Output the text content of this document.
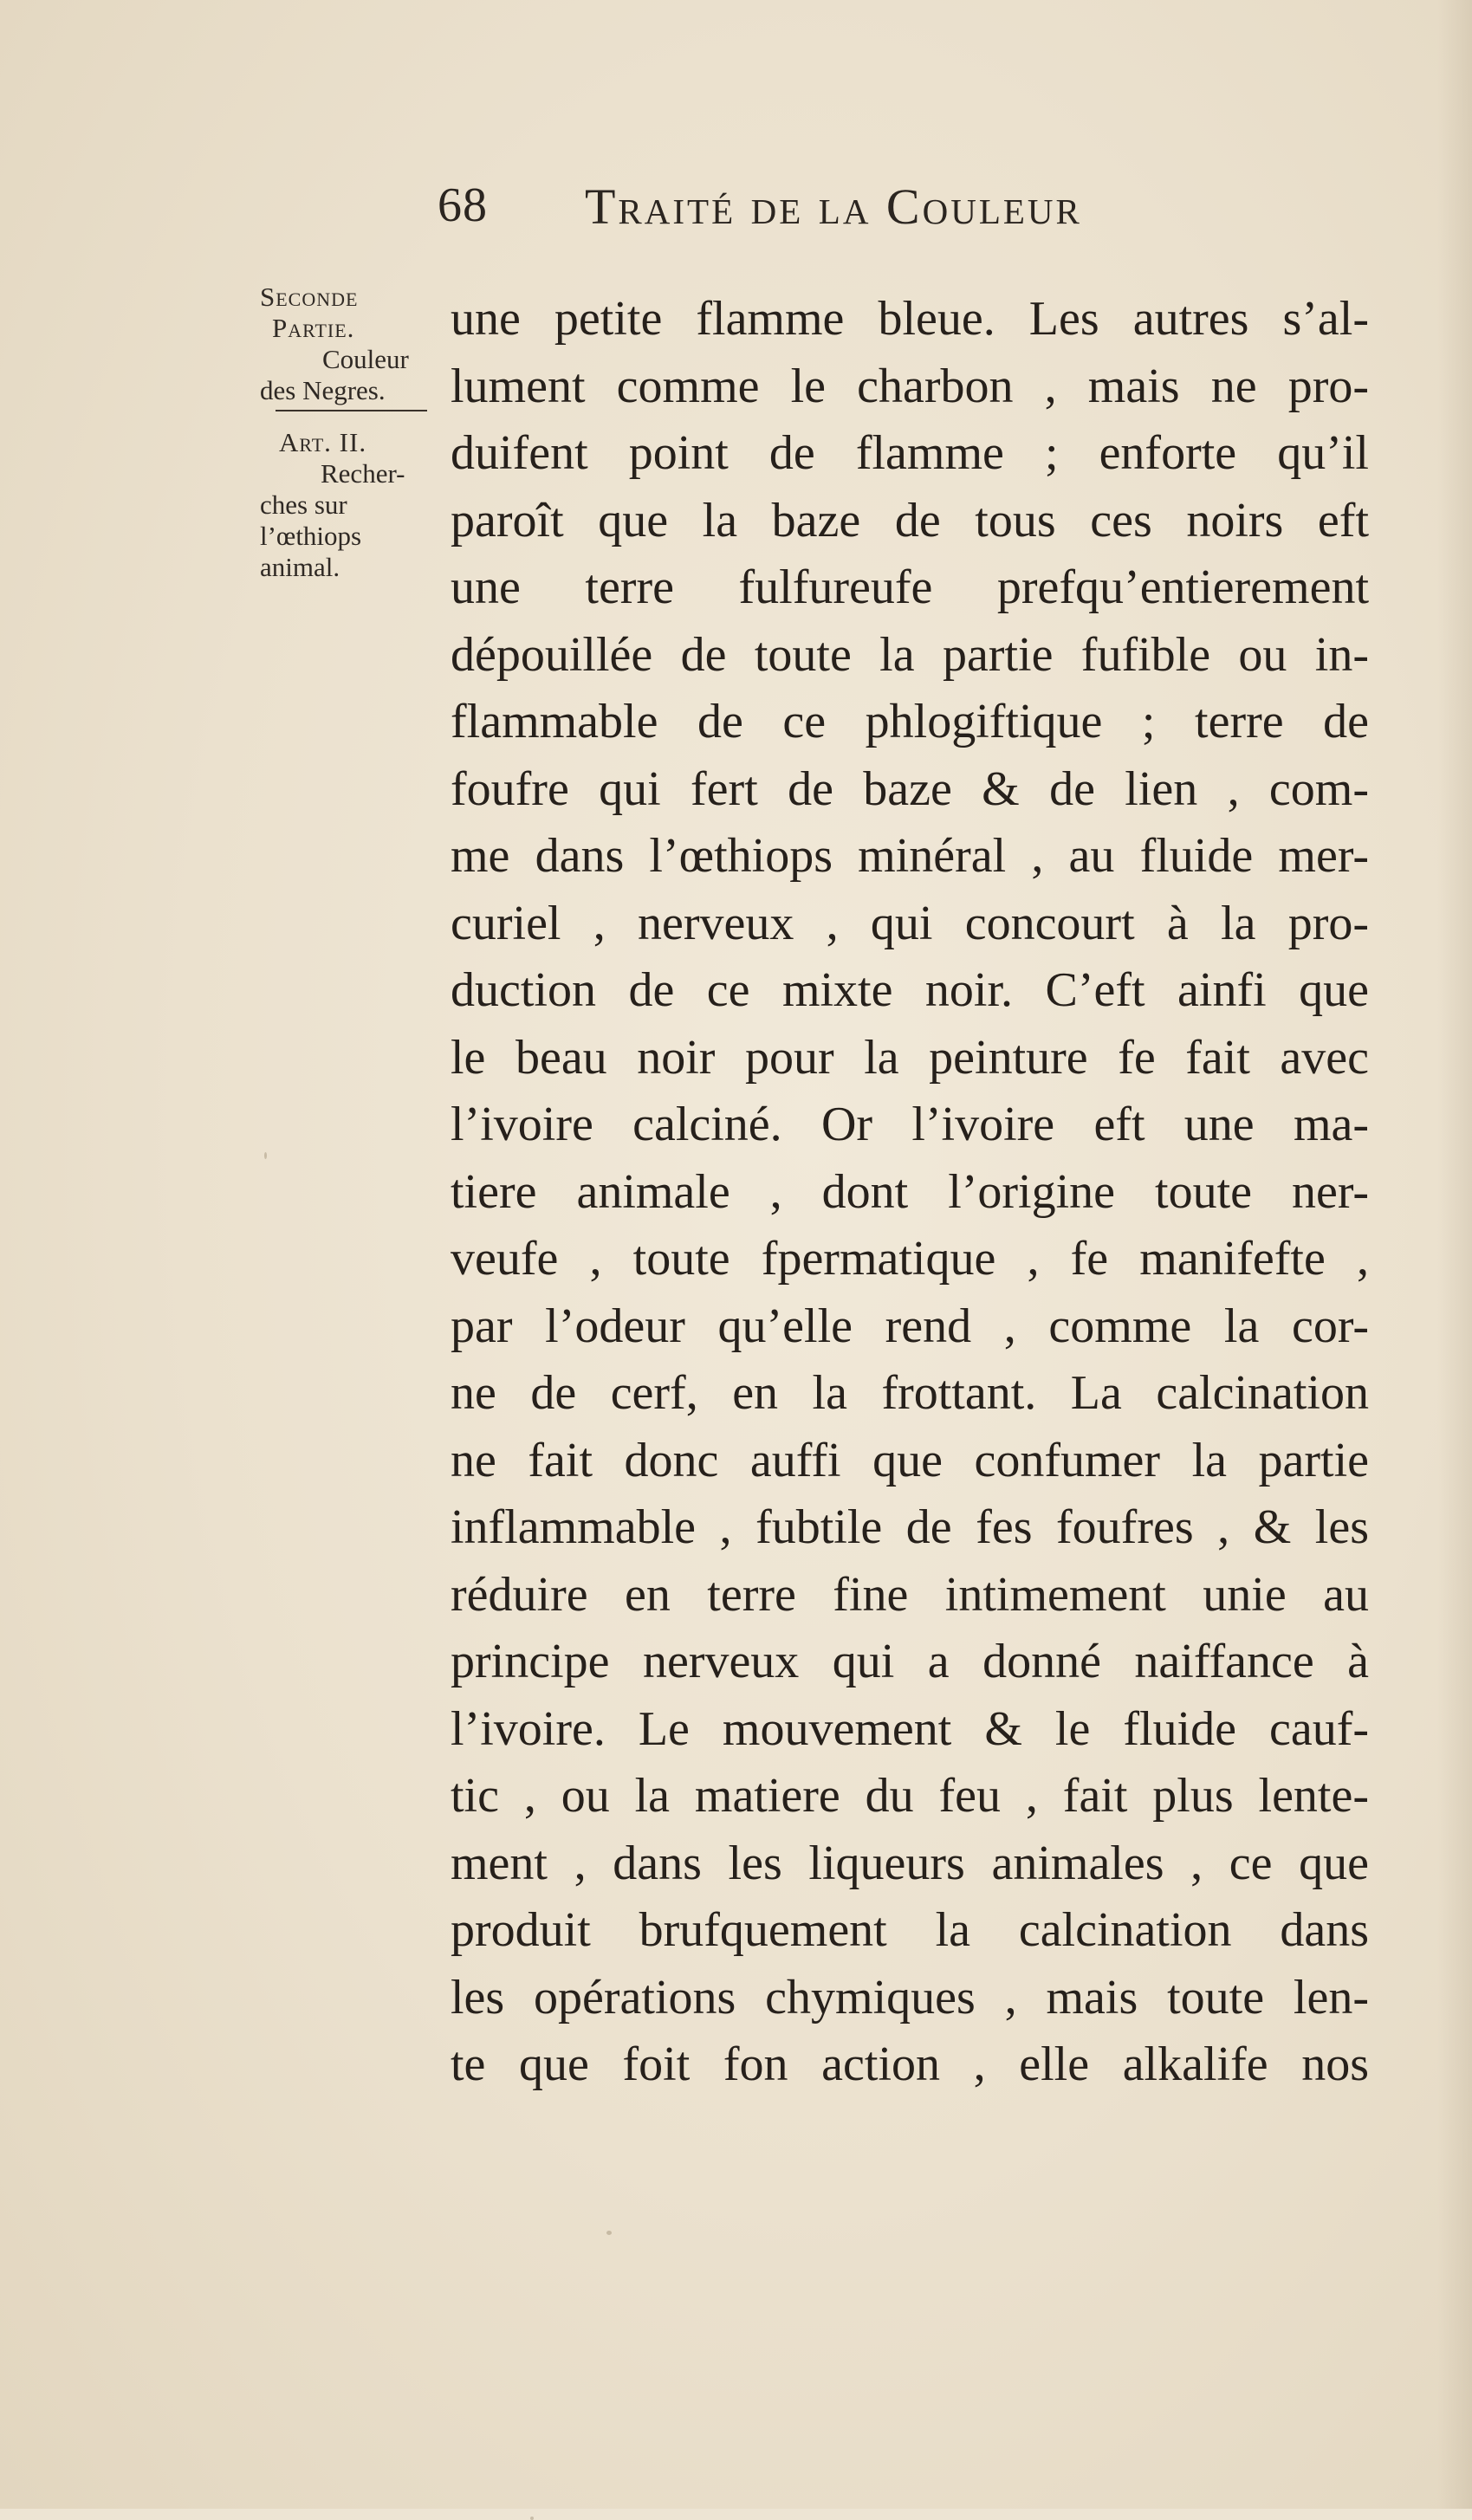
68 Traité de la Couleur
Seconde
Partie.
Couleur
des Negres.
Art. II.
Recher-
ches sur
l’œthiops
animal.
une petite flamme bleue. Les autres s’al-
lument comme le charbon , mais ne pro-
duifent point de flamme ; enforte qu’il
paroît que la baze de tous ces noirs eft
une terre fulfureufe prefqu’entierement
dépouillée de toute la partie fufible ou in-
flammable de ce phlogiftique ; terre de
foufre qui fert de baze & de lien , com-
me dans l’œthiops minéral , au fluide mer-
curiel , nerveux , qui concourt à la pro-
duction de ce mixte noir. C’eft ainfi que
le beau noir pour la peinture fe fait avec
l’ivoire calciné. Or l’ivoire eft une ma-
tiere animale , dont l’origine toute ner-
veufe , toute fpermatique , fe manifefte ,
par l’odeur qu’elle rend , comme la cor-
ne de cerf, en la frottant. La calcination
ne fait donc auffi que confumer la partie
inflammable , fubtile de fes foufres , & les
réduire en terre fine intimement unie au
principe nerveux qui a donné naiffance à
l’ivoire. Le mouvement & le fluide cauf-
tic , ou la matiere du feu , fait plus lente-
ment , dans les liqueurs animales , ce que
produit brufquement la calcination dans
les opérations chymiques , mais toute len-
te que foit fon action , elle alkalife nos
